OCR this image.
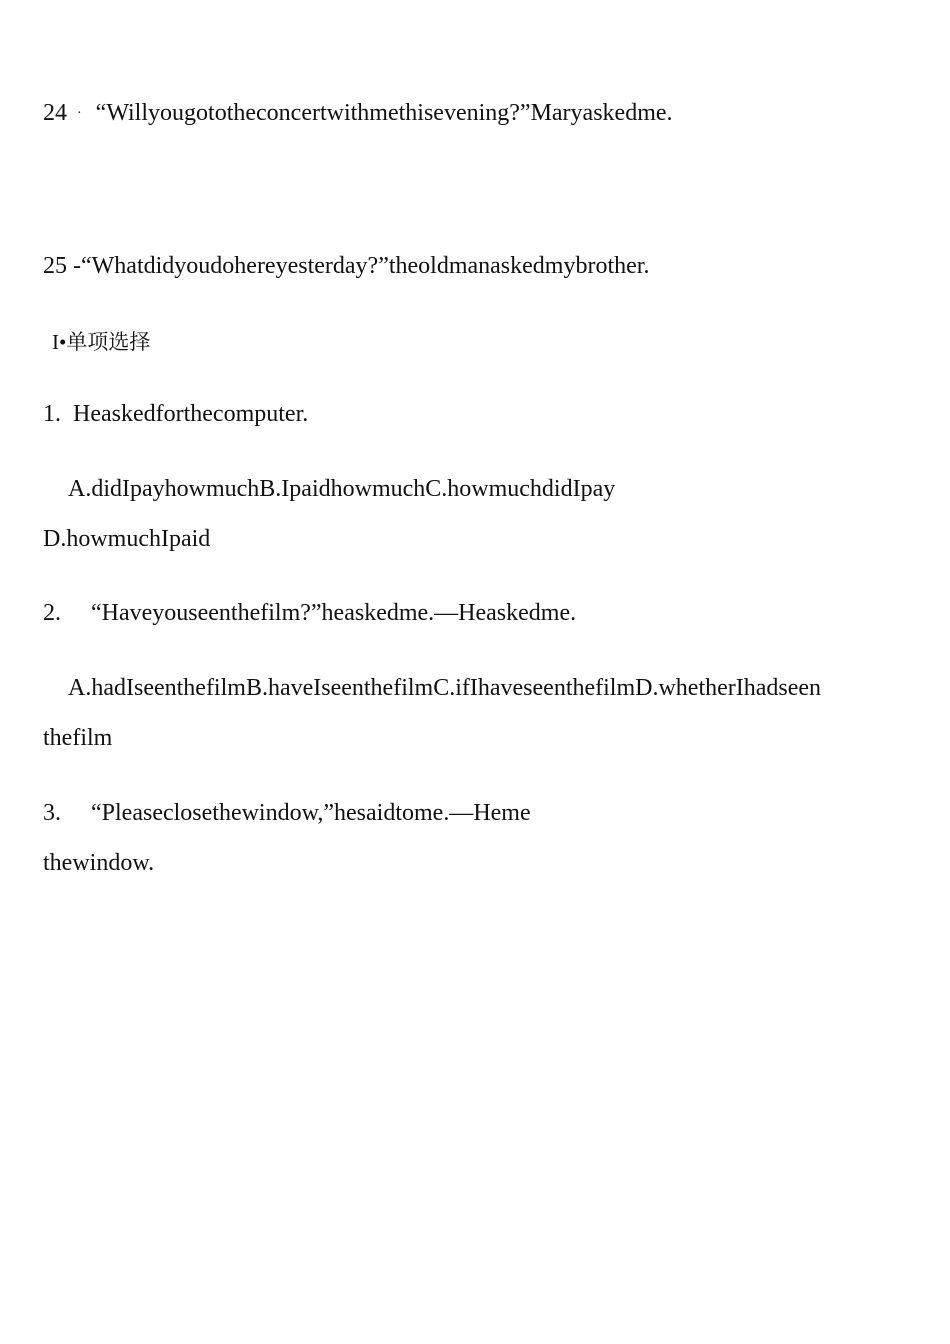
24 · “Willyougototheconcertwithmethisevening?”Maryaskedme.
25 -“Whatdidyoudohereyesterday?”theoldmanaskedmybrother.
I•单项选择
1. Heaskedforthecomputer.
A.didIpayhowmuchB.IpaidhowmuchC.howmuchdidIpay
D.howmuchIpaid
2. “Haveyouseenthefilm?”heaskedme.—Heaskedme.
A.hadIseenthefilmB.haveIseenthefilmC.ifIhaveseenthefilmD.whetherIhadseen
thefilm
3. “Pleaseclosethewindow,”hesaidtome.—Heme
thewindow.
